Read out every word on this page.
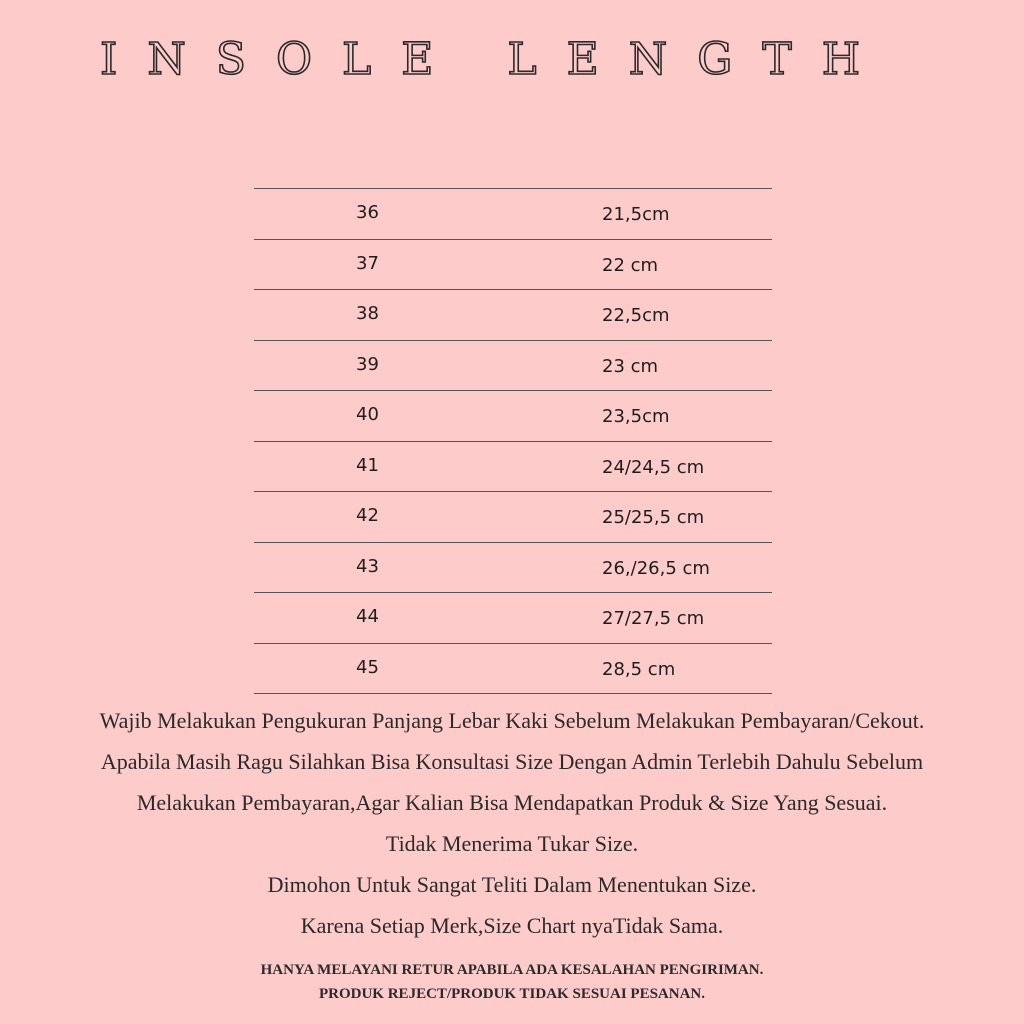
INSOLE LENGTH
36	21,5cm
37	22 cm
38	22,5cm
39	23 cm
40	23,5cm
41	24/24,5 cm
42	25/25,5 cm
43	26,/26,5 cm
44	27/27,5 cm
45	28,5 cm
Wajib Melakukan Pengukuran Panjang Lebar Kaki Sebelum Melakukan Pembayaran/Cekout.
Apabila Masih Ragu Silahkan Bisa Konsultasi Size Dengan Admin Terlebih Dahulu Sebelum
Melakukan Pembayaran,Agar Kalian Bisa Mendapatkan Produk & Size Yang Sesuai.
Tidak Menerima Tukar Size.
Dimohon Untuk Sangat Teliti Dalam Menentukan Size.
Karena Setiap Merk,Size Chart nyaTidak Sama.
HANYA MELAYANI RETUR APABILA ADA KESALAHAN PENGIRIMAN.
PRODUK REJECT/PRODUK TIDAK SESUAI PESANAN.
